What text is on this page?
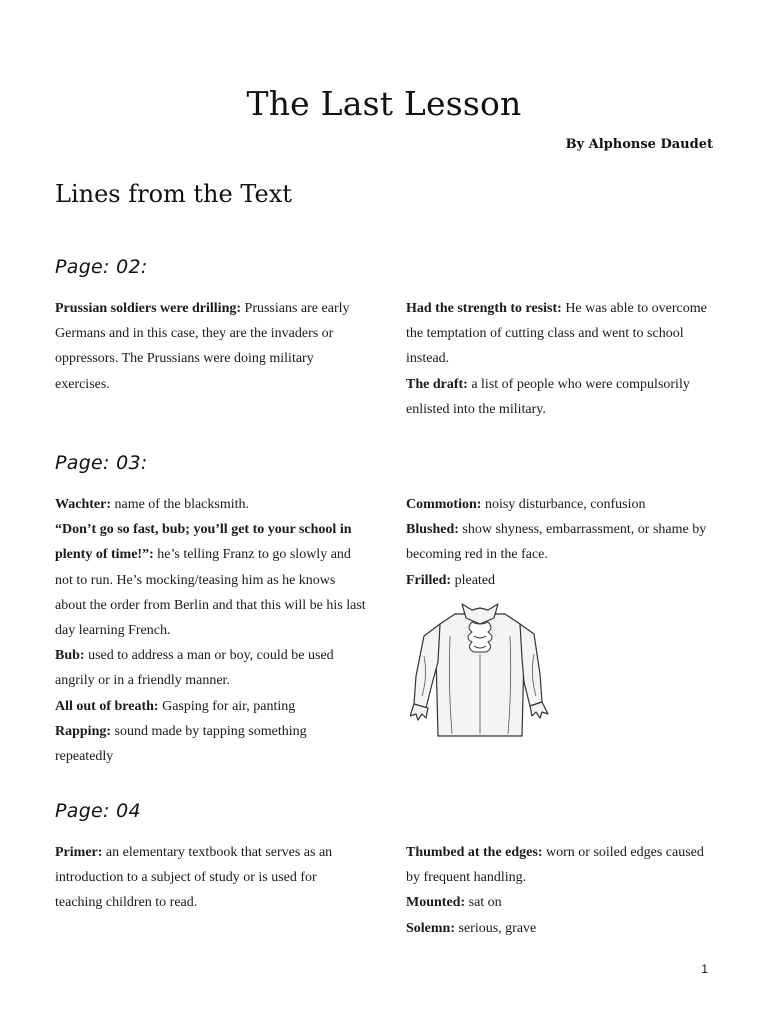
The Last Lesson
By Alphonse Daudet
Lines from the Text
Page: 02:
Prussian soldiers were drilling: Prussians are early Germans and in this case, they are the invaders or oppressors. The Prussians were doing military exercises.
Had the strength to resist: He was able to overcome the temptation of cutting class and went to school instead.
The draft: a list of people who were compulsorily enlisted into the military.
Page: 03:
Wachter: name of the blacksmith.
“Don’t go so fast, bub; you’ll get to your school in plenty of time!”: he’s telling Franz to go slowly and not to run. He’s mocking/teasing him as he knows about the order from Berlin and that this will be his last day learning French.
Bub: used to address a man or boy, could be used angrily or in a friendly manner.
All out of breath: Gasping for air, panting
Rapping: sound made by tapping something repeatedly
Commotion: noisy disturbance, confusion
Blushed: show shyness, embarrassment, or shame by becoming red in the face.
Frilled: pleated
Page: 04
Primer: an elementary textbook that serves as an introduction to a subject of study or is used for teaching children to read.
Thumbed at the edges: worn or soiled edges caused by frequent handling.
Mounted: sat on
Solemn: serious, grave
1
